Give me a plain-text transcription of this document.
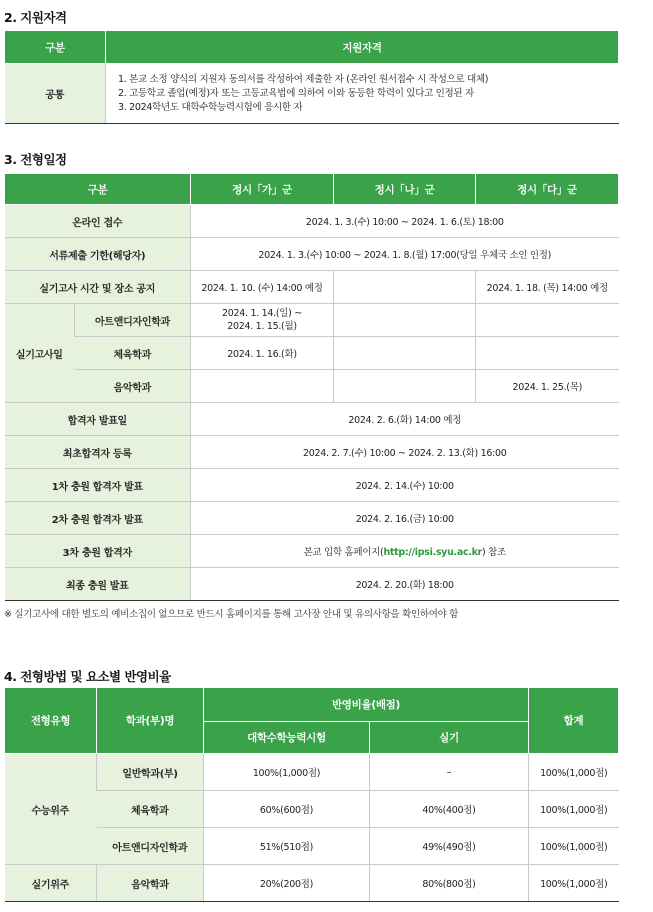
2. 지원자격
구분	지원자격
공통	1. 본교 소정 양식의 지원자 동의서를 작성하여 제출한 자 (온라인 원서접수 시 작성으로 대체)
2. 고등학교 졸업(예정)자 또는 고등교육법에 의하여 이와 동등한 학력이 있다고 인정된 자
3. 2024학년도 대학수학능력시험에 응시한 자
3. 전형일정
구분		정시「가」군	정시「나」군	정시「다」군
온라인 접수		2024. 1. 3.(수) 10:00 ~ 2024. 1. 6.(토) 18:00		
서류제출 기한(해당자)		2024. 1. 3.(수) 10:00 ~ 2024. 1. 8.(월) 17:00(당일 우체국 소인 인정)		
실기고사 시간 및 장소 공지		2024. 1. 10. (수) 14:00 예정		2024. 1. 18. (목) 14:00 예정
실기고사일	아트앤디자인학과	2024. 1. 14.(일) ~
2024. 1. 15.(월)		

	체육학과	2024. 1. 16.(화)		
	음악학과			2024. 1. 25.(목)
합격자 발표일		2024. 2. 6.(화) 14:00 예정		
최초합격자 등록		2024. 2. 7.(수) 10:00 ~ 2024. 2. 13.(화) 16:00		
1차 충원 합격자 발표		2024. 2. 14.(수) 10:00		
2차 충원 합격자 발표		2024. 2. 16.(금) 10:00		
3차 충원 합격자		본교 입학 홈페이지(http://ipsi.syu.ac.kr) 참조		
최종 충원 발표		2024. 2. 20.(화) 18:00		
※ 실기고사에 대한 별도의 예비소집이 없으므로 반드시 홈페이지를 통해 고사장 안내 및 유의사항을 확인하여야 함
4. 전형방법 및 요소별 반영비율
전형유형	학과(부)명	반영비율(배점)		합계
		대학수학능력시험	실기	
수능위주	일반학과(부)	100%(1,000점)	–	100%(1,000점)
	체육학과	60%(600점)	40%(400점)	100%(1,000점)
	아트앤디자인학과	51%(510점)	49%(490점)	100%(1,000점)
실기위주	음악학과	20%(200점)	80%(800점)	100%(1,000점)
